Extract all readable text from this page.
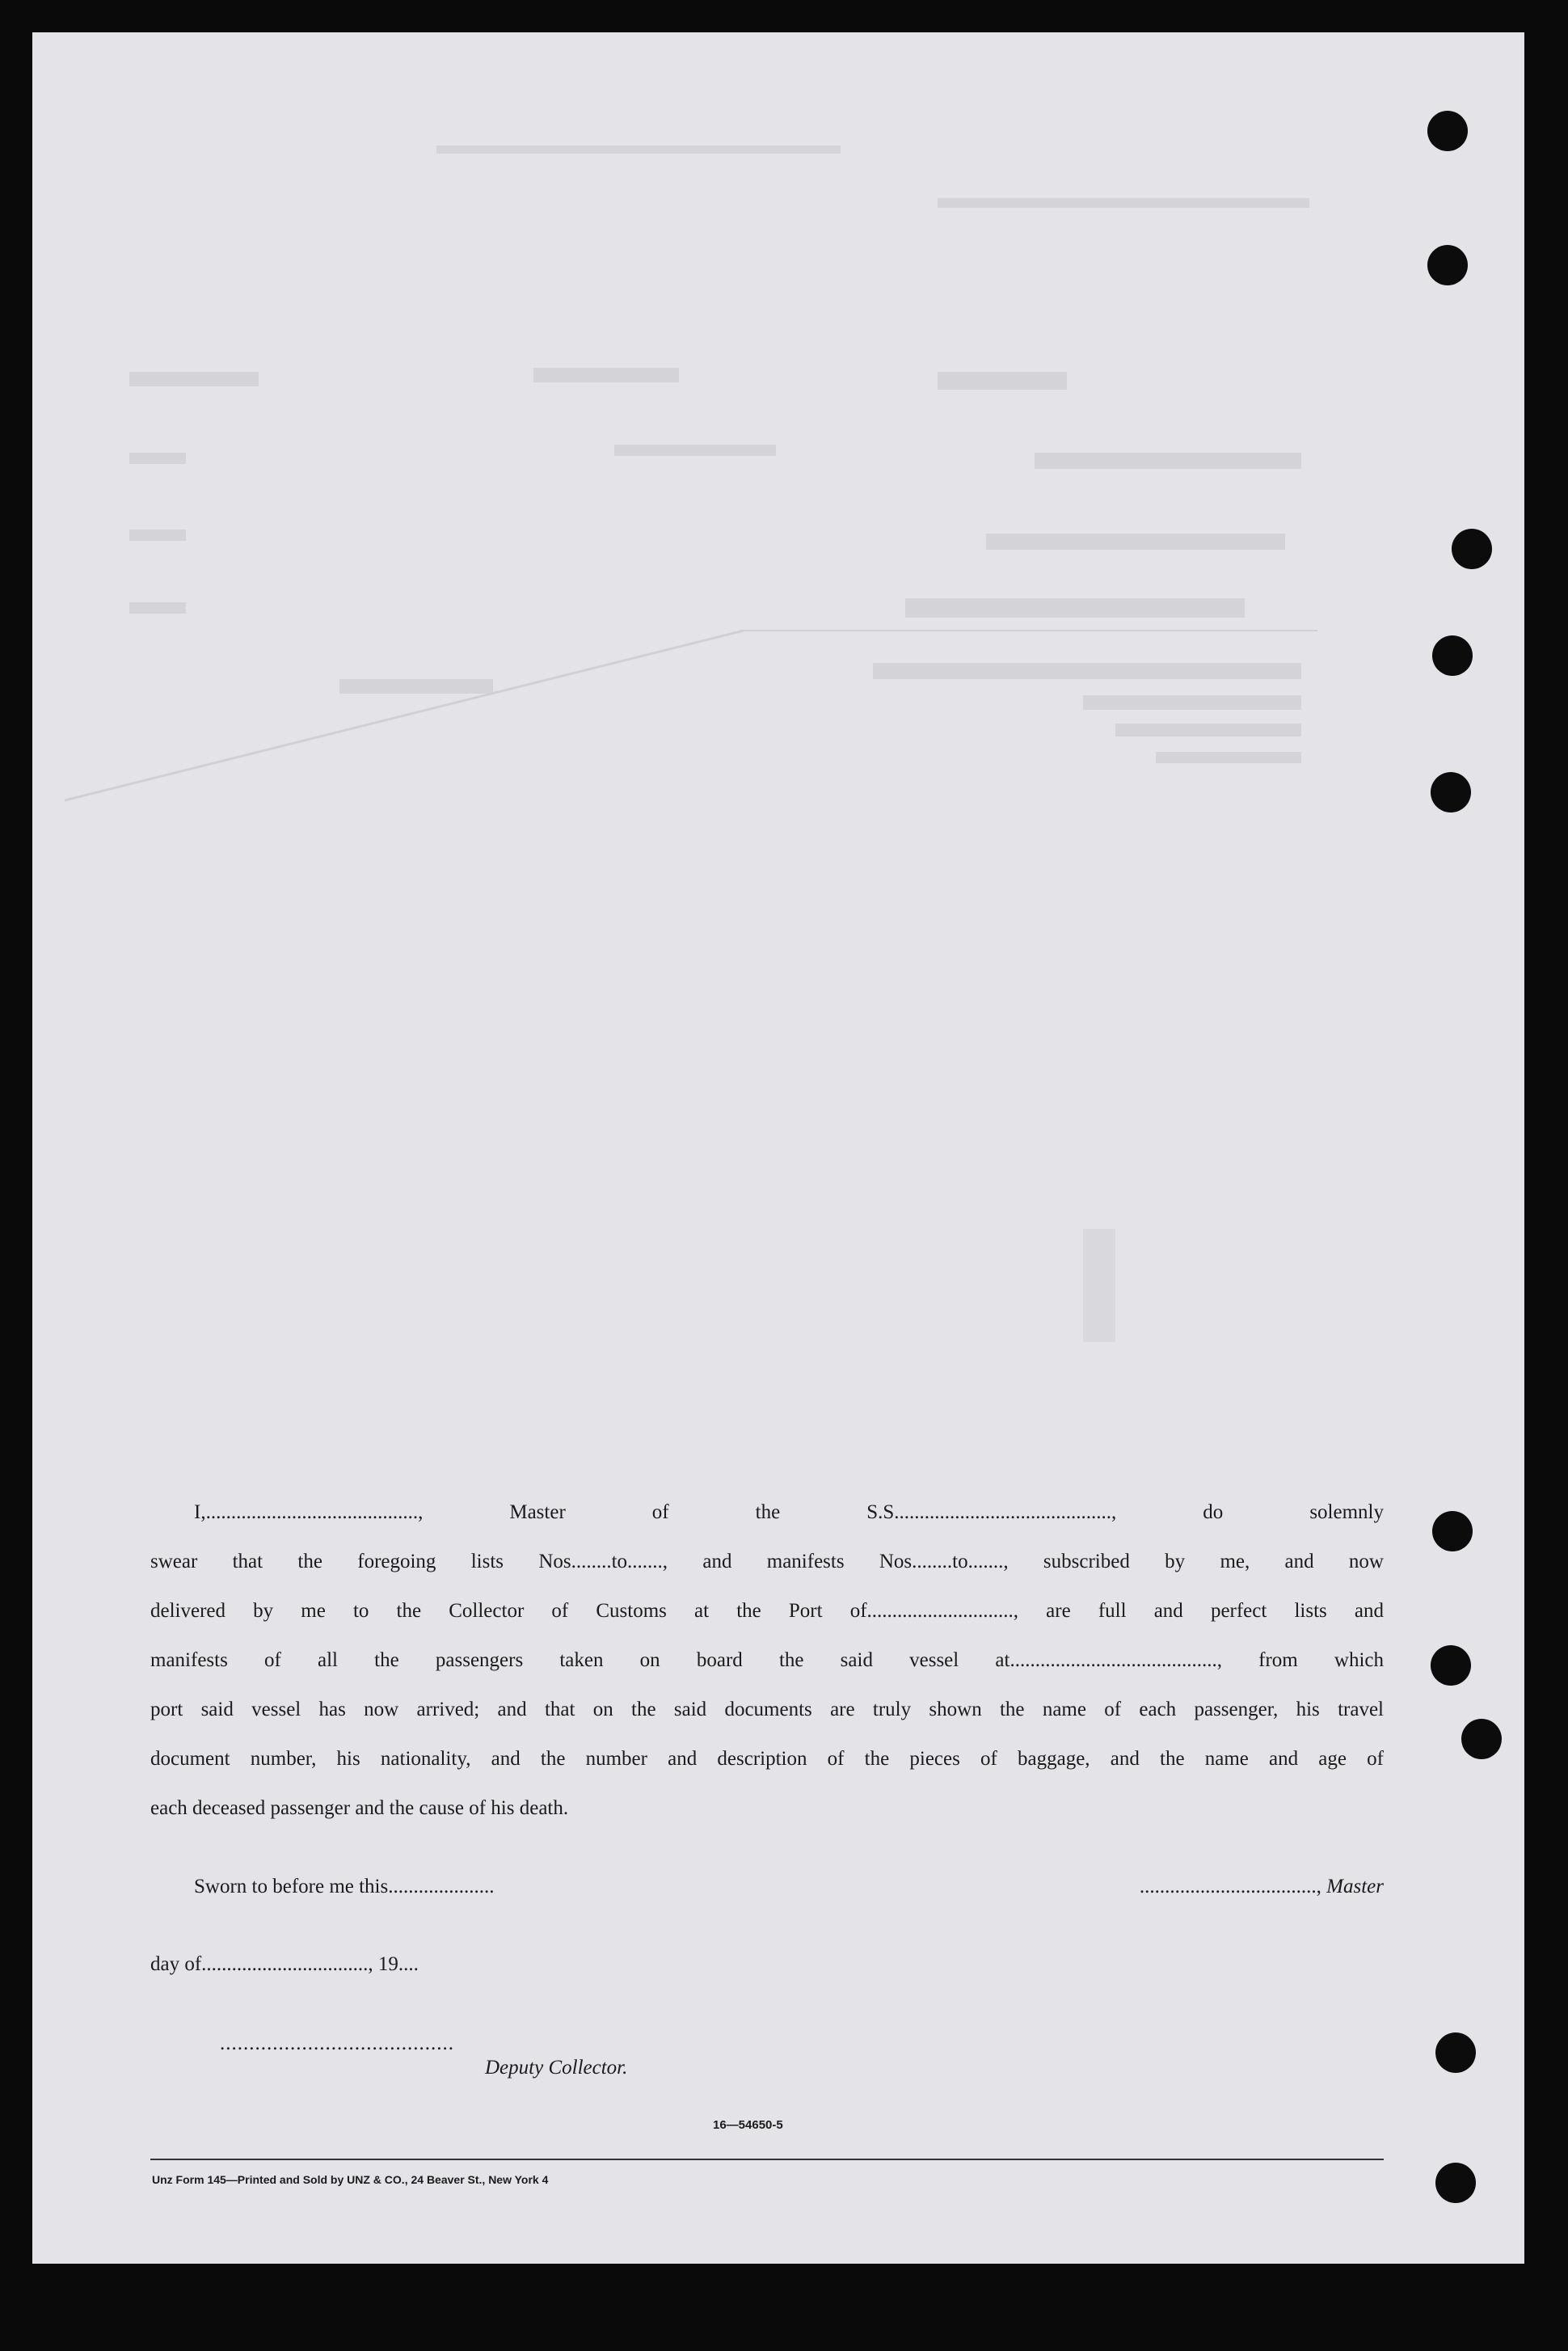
I,.........................................., Master of the S.S..........................................., do solemnly

swear that the foregoing lists Nos........to......., and manifests Nos........to......., subscribed by me, and now

delivered by me to the Collector of Customs at the Port of............................., are full and perfect lists and

manifests of all the passengers taken on board the said vessel at........................................., from which

port said vessel has now arrived; and that on the said documents are truly shown the name of each passenger, his travel

document number, his nationality, and the number and description of the pieces of baggage, and the name and age of

each deceased passenger and the cause of his death.

Sworn to before me this.....................	..................................., Master
day of................................., 19....
........................................
Deputy Collector.
16—54650-5
Unz Form 145—Printed and Sold by UNZ & CO., 24 Beaver St., New York 4
